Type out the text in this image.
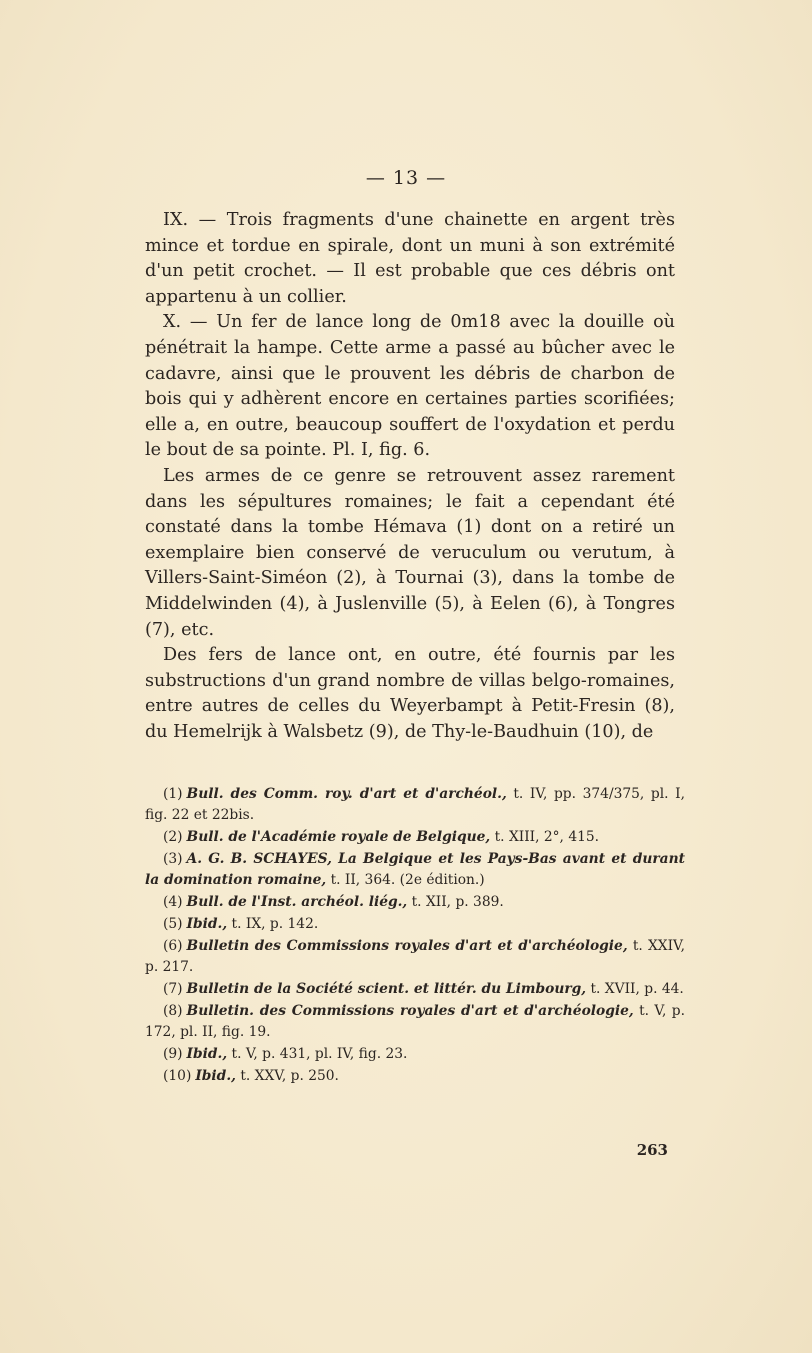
— 13 —

IX. — Trois fragments d'une chainette en argent très mince et tordue en spirale, dont un muni à son extrémité d'un petit crochet. — Il est probable que ces débris ont appartenu à un collier.

X. — Un fer de lance long de 0m18 avec la douille où pénétrait la hampe. Cette arme a passé au bûcher avec le cadavre, ainsi que le prouvent les débris de charbon de bois qui y adhèrent encore en certaines parties scorifiées; elle a, en outre, beaucoup souffert de l'oxydation et perdu le bout de sa pointe. Pl. I, fig. 6.

Les armes de ce genre se retrouvent assez rarement dans les sépultures romaines; le fait a cependant été constaté dans la tombe Hémava (1) dont on a retiré un exemplaire bien conservé de veruculum ou verutum, à Villers-Saint-Siméon (2), à Tournai (3), dans la tombe de Middelwinden (4), à Juslenville (5), à Eelen (6), à Tongres (7), etc.

Des fers de lance ont, en outre, été fournis par les substructions d'un grand nombre de villas belgo-romaines, entre autres de celles du Weyerbampt à Petit-Fresin (8), du Hemelrijk à Walsbetz (9), de Thy-le-Baudhuin (10), de

(1) Bull. des Comm. roy. d'art et d'archéol., t. IV, pp. 374/375, pl. I, fig. 22 et 22bis.

(2) Bull. de l'Académie royale de Belgique, t. XIII, 2°, 415.

(3) A. G. B. SCHAYES, La Belgique et les Pays-Bas avant et durant la domination romaine, t. II, 364. (2e édition.)

(4) Bull. de l'Inst. archéol. liég., t. XII, p. 389.

(5) Ibid., t. IX, p. 142.

(6) Bulletin des Commissions royales d'art et d'archéologie, t. XXIV, p. 217.

(7) Bulletin de la Société scient. et littér. du Limbourg, t. XVII, p. 44.

(8) Bulletin. des Commissions royales d'art et d'archéologie, t. V, p. 172, pl. II, fig. 19.

(9) Ibid., t. V, p. 431, pl. IV, fig. 23.

(10) Ibid., t. XXV, p. 250.

263
